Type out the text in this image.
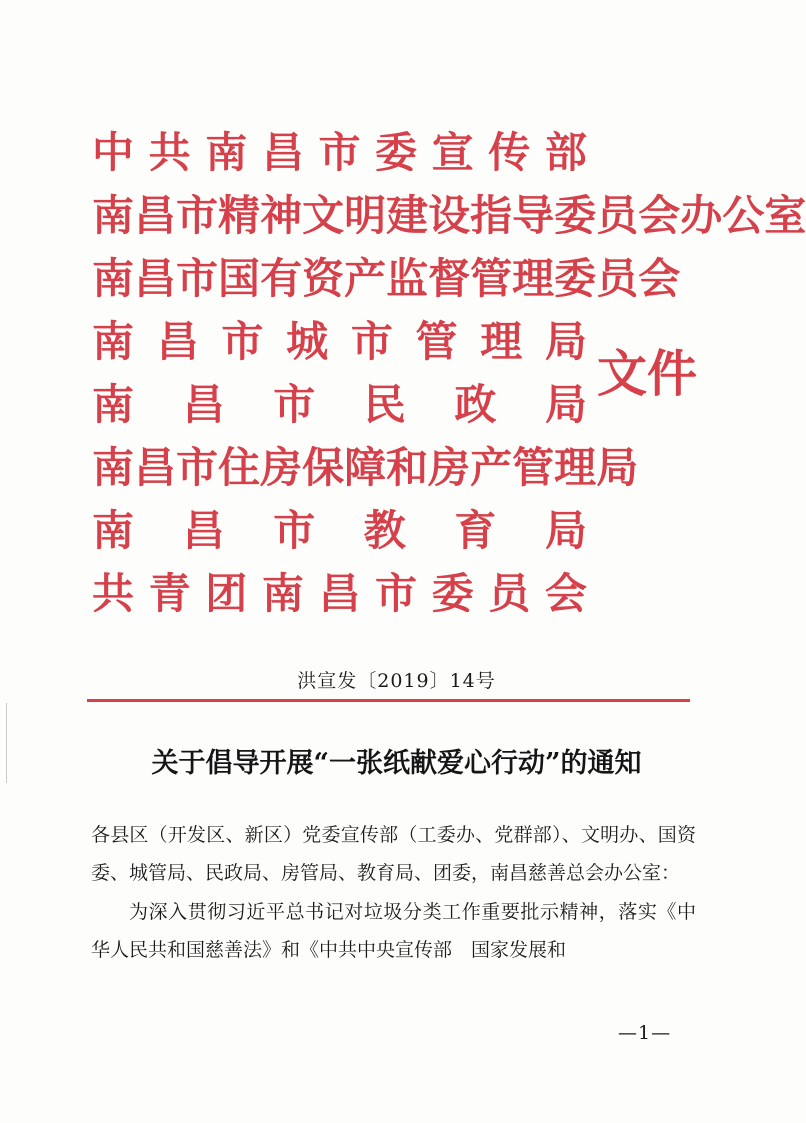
中 共 南 昌 市 委 宣 传 部
南 昌 市 精 神 文 明 建 设 指 导 委 员 会 办 公 室
南 昌 市 国 有 资 产 监 督 管 理 委 员 会
南 昌 市 城 市 管 理 局
南 昌 市 民 政 局
南 昌 市 住 房 保 障 和 房 产 管 理 局
南 昌 市 教 育 局
共 青 团 南 昌 市 委 员 会
文件
洪宣发〔2019〕14号
关于倡导开展“一张纸献爱心行动”的通知

各县区（开发区、新区）党委宣传部（工委办、党群部）、文明办、国资委、城管局、民政局、房管局、教育局、团委，南昌慈善总会办公室：

为深入贯彻习近平总书记对垃圾分类工作重要批示精神，落实《中华人民共和国慈善法》和《中共中央宣传部　国家发展和

—1—
